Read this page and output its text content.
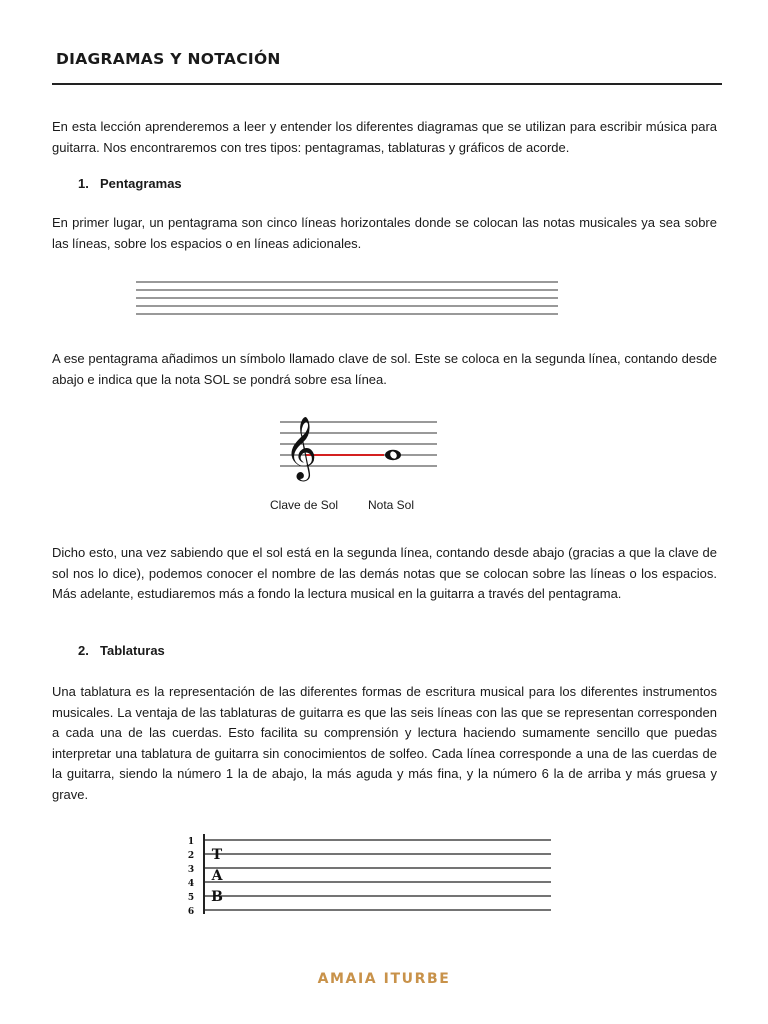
DIAGRAMAS Y NOTACIÓN
En esta lección aprenderemos a leer y entender los diferentes diagramas que se utilizan para escribir música para guitarra. Nos encontraremos con tres tipos: pentagramas, tablaturas y gráficos de acorde.
1. Pentagramas
En primer lugar, un pentagrama son cinco líneas horizontales donde se colocan las notas musicales ya sea sobre las líneas, sobre los espacios o en líneas adicionales.
A ese pentagrama añadimos un símbolo llamado clave de sol. Este se coloca en la segunda línea, contando desde abajo e indica que la nota SOL se pondrá sobre esa línea.
𝄞
Clave de Sol Nota Sol
Dicho esto, una vez sabiendo que el sol está en la segunda línea, contando desde abajo (gracias a que la clave de sol nos lo dice), podemos conocer el nombre de las demás notas que se colocan sobre las líneas o los espacios. Más adelante, estudiaremos más a fondo la lectura musical en la guitarra a través del pentagrama.
2. Tablaturas
Una tablatura es la representación de las diferentes formas de escritura musical para los diferentes instrumentos musicales. La ventaja de las tablaturas de guitarra es que las seis líneas con las que se representan corresponden a cada una de las cuerdas. Esto facilita su comprensión y lectura haciendo sumamente sencillo que puedas interpretar una tablatura de guitarra sin conocimientos de solfeo. Cada línea corresponde a una de las cuerdas de la guitarra, siendo la número 1 la de abajo, la más aguda y más fina, y la número 6 la de arriba y más gruesa y grave.
1
2
3
4
5
6
T
A
B
AMAIA ITURBE
